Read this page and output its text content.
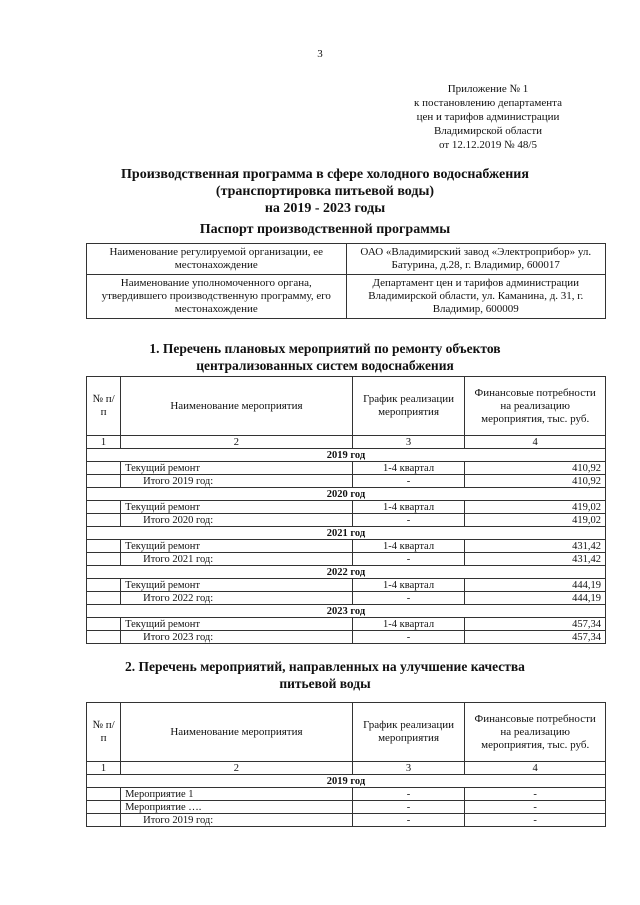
3
Приложение № 1
к постановлению департамента
цен и тарифов администрации
Владимирской области
от 12.12.2019 № 48/5
Производственная программа в сфере холодного водоснабжения
(транспортировка питьевой воды)
на 2019 - 2023 годы
Паспорт производственной программы
Наименование регулируемой организации, ее местонахождение	ОАО «Владимирский завод «Электроприбор» ул. Батурина, д.28, г. Владимир, 600017
Наименование уполномоченного органа, утвердившего производственную программу, его местонахождение	Департамент цен и тарифов администрации Владимирской области, ул. Каманина, д. 31, г. Владимир, 600009
1. Перечень плановых мероприятий по ремонту объектов
централизованных систем водоснабжения
№ п/п	Наименование мероприятия	График реализации мероприятия	Финансовые потребности на реализацию мероприятия, тыс. руб.
1	2	3	4
2019 год			
	Текущий ремонт	1-4 квартал	410,92
	Итого 2019 год:	-	410,92
2020 год			
	Текущий ремонт	1-4 квартал	419,02
	Итого 2020 год:	-	419,02
2021 год			
	Текущий ремонт	1-4 квартал	431,42
	Итого 2021 год:	-	431,42
2022 год			
	Текущий ремонт	1-4 квартал	444,19
	Итого 2022 год:	-	444,19
2023 год			
	Текущий ремонт	1-4 квартал	457,34
	Итого 2023 год:	-	457,34
2. Перечень мероприятий, направленных на улучшение качества
питьевой воды
№ п/п	Наименование мероприятия	График реализации мероприятия	Финансовые потребности на реализацию мероприятия, тыс. руб.
1	2	3	4
2019 год			
	Мероприятие 1	-	-
	Мероприятие ….	-	-
	Итого 2019 год:	-	-
